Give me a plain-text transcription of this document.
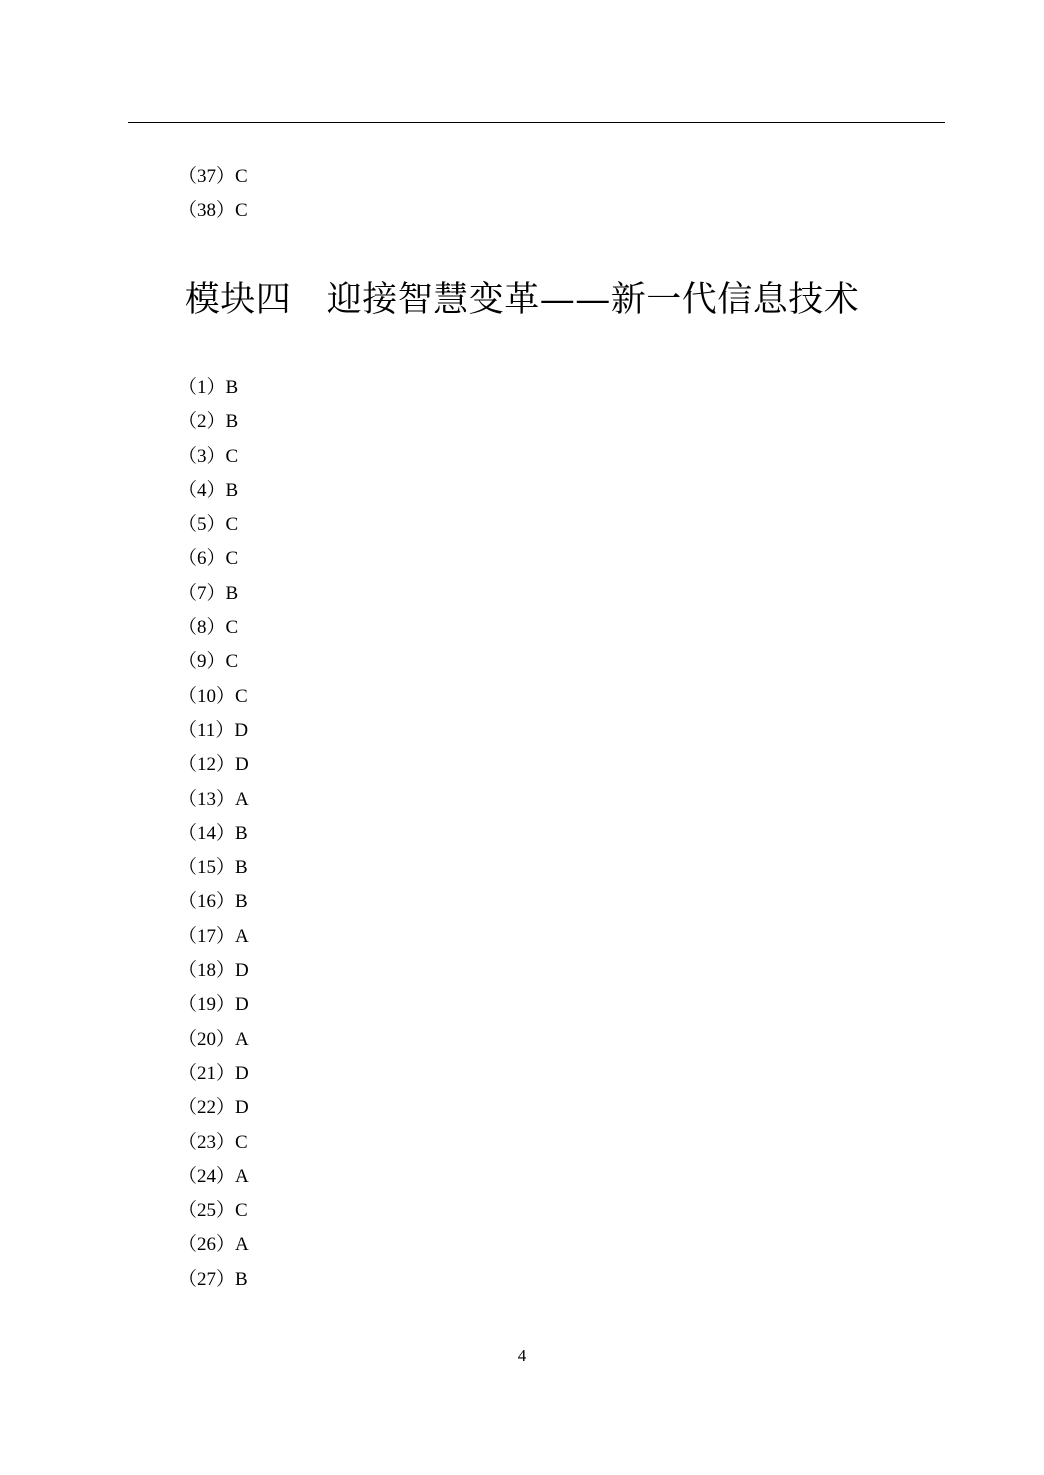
（37）C
（38）C
模块四　迎接智慧变革——新一代信息技术
（1）B
（2）B
（3）C
（4）B
（5）C
（6）C
（7）B
（8）C
（9）C
（10）C
（11）D
（12）D
（13）A
（14）B
（15）B
（16）B
（17）A
（18）D
（19）D
（20）A
（21）D
（22）D
（23）C
（24）A
（25）C
（26）A
（27）B
4
